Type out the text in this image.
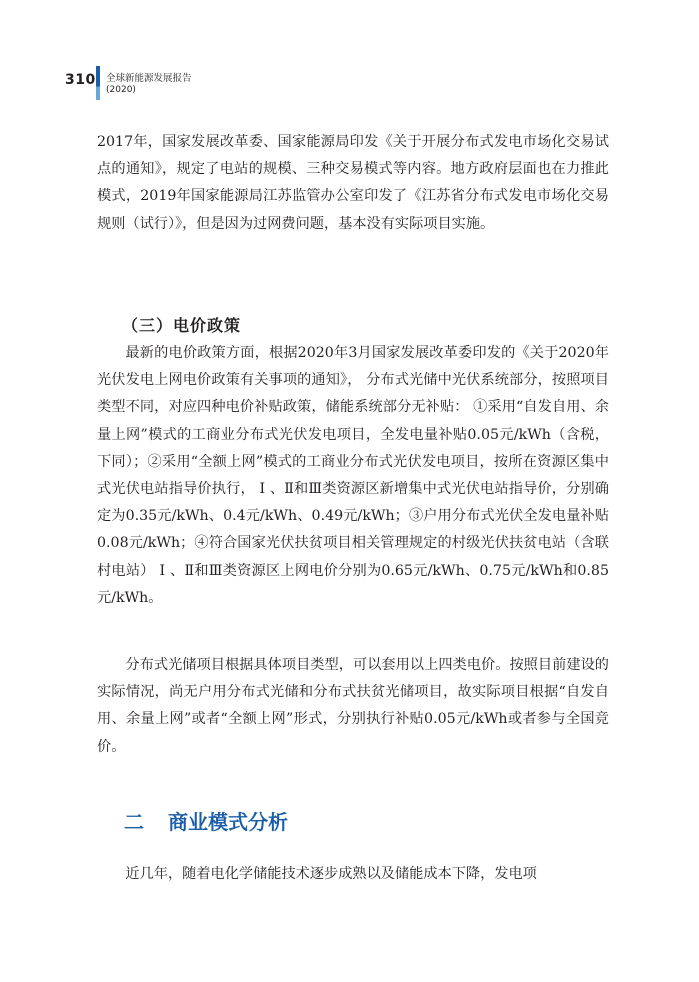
310 全球新能源发展报告
(2020)

2017年，国家发展改革委、国家能源局印发《关于开展分布式发电市场化交易试点的通知》，规定了电站的规模、三种交易模式等内容。地方政府层面也在力推此模式，2019年国家能源局江苏监管办公室印发了《江苏省分布式发电市场化交易规则（试行）》，但是因为过网费问题，基本没有实际项目实施。

（三）电价政策

最新的电价政策方面，根据2020年3月国家发展改革委印发的《关于2020年光伏发电上网电价政策有关事项的通知》， 分布式光储中光伏系统部分，按照项目类型不同，对应四种电价补贴政策，储能系统部分无补贴： ①采用“自发自用、余量上网”模式的工商业分布式光伏发电项目，全发电量补贴0.05元/kWh（含税，下同）；②采用“全额上网”模式的工商业分布式光伏发电项目，按所在资源区集中式光伏电站指导价执行， Ⅰ 、Ⅱ和Ⅲ类资源区新增集中式光伏电站指导价，分别确定为0.35元/kWh、0.4元/kWh、0.49元/kWh；③户用分布式光伏全发电量补贴0.08元/kWh；④符合国家光伏扶贫项目相关管理规定的村级光伏扶贫电站（含联村电站） Ⅰ 、Ⅱ和Ⅲ类资源区上网电价分别为0.65元/kWh、0.75元/kWh和0.85元/kWh。

分布式光储项目根据具体项目类型，可以套用以上四类电价。按照目前建设的实际情况，尚无户用分布式光储和分布式扶贫光储项目，故实际项目根据“自发自用、余量上网”或者“全额上网”形式，分别执行补贴0.05元/kWh或者参与全国竞价。

二 商业模式分析

近几年，随着电化学储能技术逐步成熟以及储能成本下降，发电项
